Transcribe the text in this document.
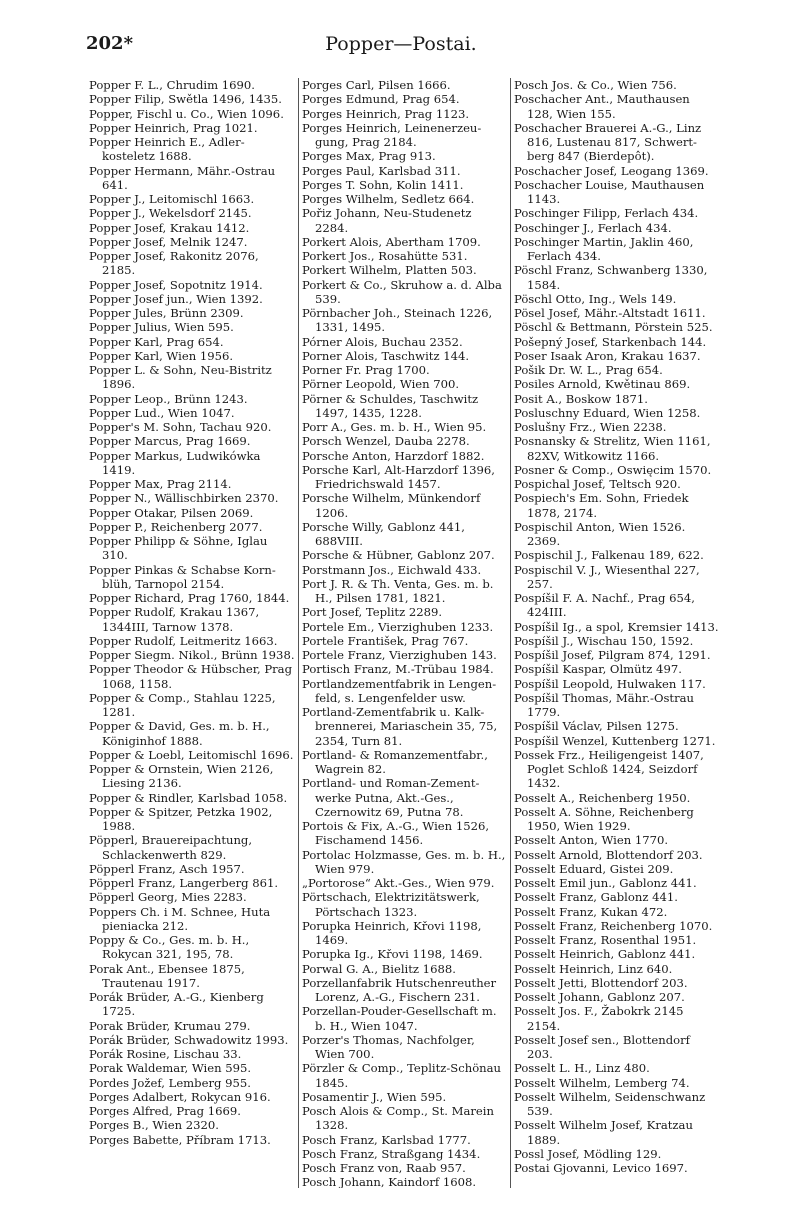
202*	Popper—Postai.
Popper F. L., Chrudim 1690.
Popper Filip, Swětla 1496, 1435.
Popper, Fischl u. Co., Wien 1096.
Popper Heinrich, Prag 1021.
Popper Heinrich E., Adler-kosteletz 1688.
Popper Hermann, Mähr.-Ostrau 641.
Popper J., Leitomischl 1663.
Popper J., Wekelsdorf 2145.
Popper Josef, Krakau 1412.
Popper Josef, Melnik 1247.
Popper Josef, Rakonitz 2076, 2185.
Popper Josef, Sopotnitz 1914.
Popper Josef jun., Wien 1392.
Popper Jules, Brünn 2309.
Popper Julius, Wien 595.
Popper Karl, Prag 654.
Popper Karl, Wien 1956.
Popper L. & Sohn, Neu-Bistritz 1896.
Popper Leop., Brünn 1243.
Popper Lud., Wien 1047.
Popper's M. Sohn, Tachau 920.
Popper Marcus, Prag 1669.
Popper Markus, Ludwikówka 1419.
Popper Max, Prag 2114.
Popper N., Wällischbirken 2370.
Popper Otakar, Pilsen 2069.
Popper P., Reichenberg 2077.
Popper Philipp & Söhne, Iglau 310.
Popper Pinkas & Schabse Korn-blüh, Tarnopol 2154.
Popper Richard, Prag 1760, 1844.
Popper Rudolf, Krakau 1367, 1344III, Tarnow 1378.
Popper Rudolf, Leitmeritz 1663.
Popper Siegm. Nikol., Brünn 1938.
Popper Theodor & Hübscher, Prag 1068, 1158.
Popper & Comp., Stahlau 1225, 1281.
Popper & David, Ges. m. b. H., Königinhof 1888.
Popper & Loebl, Leitomischl 1696.
Popper & Ornstein, Wien 2126, Liesing 2136.
Popper & Rindler, Karlsbad 1058.
Popper & Spitzer, Petzka 1902, 1988.
Pöpperl, Brauereipachtung, Schlackenwerth 829.
Pöpperl Franz, Asch 1957.
Pöpperl Franz, Langerberg 861.
Pöpperl Georg, Mies 2283.
Poppers Ch. i M. Schnee, Huta pieniacka 212.
Poppy & Co., Ges. m. b. H., Rokycan 321, 195, 78.
Porak Ant., Ebensee 1875, Trautenau 1917.
Porák Brüder, A.-G., Kienberg 1725.
Porak Brüder, Krumau 279.
Porák Brüder, Schwadowitz 1993.
Porák Rosine, Lischau 33.
Porak Waldemar, Wien 595.
Pordes Jožef, Lemberg 955.
Porges Adalbert, Rokycan 916.
Porges Alfred, Prag 1669.
Porges B., Wien 2320.
Porges Babette, Příbram 1713.
Porges Carl, Pilsen 1666.
Porges Edmund, Prag 654.
Porges Heinrich, Prag 1123.
Porges Heinrich, Leinenerzeu-gung, Prag 2184.
Porges Max, Prag 913.
Porges Paul, Karlsbad 311.
Porges T. Sohn, Kolin 1411.
Porges Wilhelm, Sedletz 664.
Pořiz Johann, Neu-Studenetz 2284.
Porkert Alois, Abertham 1709.
Porkert Jos., Rosahütte 531.
Porkert Wilhelm, Platten 503.
Porkert & Co., Skruhow a. d. Alba 539.
Pörnbacher Joh., Steinach 1226, 1331, 1495.
Pórner Alois, Buchau 2352.
Porner Alois, Taschwitz 144.
Porner Fr. Prag 1700.
Pörner Leopold, Wien 700.
Pörner & Schuldes, Taschwitz 1497, 1435, 1228.
Porr A., Ges. m. b. H., Wien 95.
Porsch Wenzel, Dauba 2278.
Porsche Anton, Harzdorf 1882.
Porsche Karl, Alt-Harzdorf 1396, Friedrichswald 1457.
Porsche Wilhelm, Münkendorf 1206.
Porsche Willy, Gablonz 441, 688VIII.
Porsche & Hübner, Gablonz 207.
Porstmann Jos., Eichwald 433.
Port J. R. & Th. Venta, Ges. m. b. H., Pilsen 1781, 1821.
Port Josef, Teplitz 2289.
Portele Em., Vierzighuben 1233.
Portele František, Prag 767.
Portele Franz, Vierzighuben 143.
Portisch Franz, M.-Trübau 1984.
Portlandzementfabrik in Lengen-feld, s. Lengenfelder usw.
Portland-Zementfabrik u. Kalk-brennerei, Mariaschein 35, 75, 2354, Turn 81.
Portland- & Romanzementfabr., Wagrein 82.
Portland- und Roman-Zement-werke Putna, Akt.-Ges., Czernowitz 69, Putna 78.
Portois & Fix, A.-G., Wien 1526, Fischamend 1456.
Portolac Holzmasse, Ges. m. b. H., Wien 979.
„Portorose“ Akt.-Ges., Wien 979.
Pörtschach, Elektrizitätswerk, Pörtschach 1323.
Porupka Heinrich, Křovi 1198, 1469.
Porupka Ig., Křovi 1198, 1469.
Porwal G. A., Bielitz 1688.
Porzellanfabrik Hutschenreuther Lorenz, A.-G., Fischern 231.
Porzellan-Pouder-Gesellschaft m. b. H., Wien 1047.
Porzer's Thomas, Nachfolger, Wien 700.
Pörzler & Comp., Teplitz-Schönau 1845.
Posamentir J., Wien 595.
Posch Alois & Comp., St. Marein 1328.
Posch Franz, Karlsbad 1777.
Posch Franz, Straßgang 1434.
Posch Franz von, Raab 957.
Posch Johann, Kaindorf 1608.
Posch Jos. & Co., Wien 756.
Poschacher Ant., Mauthausen 128, Wien 155.
Poschacher Brauerei A.-G., Linz 816, Lustenau 817, Schwert-berg 847 (Bierdepôt).
Poschacher Josef, Leogang 1369.
Poschacher Louise, Mauthausen 1143.
Poschinger Filipp, Ferlach 434.
Poschinger J., Ferlach 434.
Poschinger Martin, Jaklin 460, Ferlach 434.
Pöschl Franz, Schwanberg 1330, 1584.
Pöschl Otto, Ing., Wels 149.
Pösel Josef, Mähr.-Altstadt 1611.
Pöschl & Bettmann, Pörstein 525.
Pošepný Josef, Starkenbach 144.
Poser Isaak Aron, Krakau 1637.
Pošik Dr. W. L., Prag 654.
Posiles Arnold, Kwětinau 869.
Posit A., Boskow 1871.
Posluschny Eduard, Wien 1258.
Poslušny Frz., Wien 2238.
Posnansky & Strelitz, Wien 1161, 82XV, Witkowitz 1166.
Posner & Comp., Oswięcim 1570.
Pospichal Josef, Teltsch 920.
Pospiech's Em. Sohn, Friedek 1878, 2174.
Pospischil Anton, Wien 1526. 2369.
Pospischil J., Falkenau 189, 622.
Pospischil V. J., Wiesenthal 227, 257.
Pospíšil F. A. Nachf., Prag 654, 424III.
Pospíšil Ig., a spol, Kremsier 1413.
Pospíšil J., Wischau 150, 1592.
Pospíšil Josef, Pilgram 874, 1291.
Pospíšil Kaspar, Olmütz 497.
Pospíšil Leopold, Hulwaken 117.
Pospíšil Thomas, Mähr.-Ostrau 1779.
Pospíšil Václav, Pilsen 1275.
Pospíšil Wenzel, Kuttenberg 1271.
Possek Frz., Heiligengeist 1407, Poglet Schloß 1424, Seizdorf 1432.
Posselt A., Reichenberg 1950.
Posselt A. Söhne, Reichenberg 1950, Wien 1929.
Posselt Anton, Wien 1770.
Posselt Arnold, Blottendorf 203.
Posselt Eduard, Gistei 209.
Posselt Emil jun., Gablonz 441.
Posselt Franz, Gablonz 441.
Posselt Franz, Kukan 472.
Posselt Franz, Reichenberg 1070.
Posselt Franz, Rosenthal 1951.
Posselt Heinrich, Gablonz 441.
Posselt Heinrich, Linz 640.
Posselt Jetti, Blottendorf 203.
Posselt Johann, Gablonz 207.
Posselt Jos. F., Žabokrk 2145 2154.
Posselt Josef sen., Blottendorf 203.
Posselt L. H., Linz 480.
Posselt Wilhelm, Lemberg 74.
Posselt Wilhelm, Seidenschwanz 539.
Posselt Wilhelm Josef, Kratzau 1889.
Possl Josef, Mödling 129.
Postai Gjovanni, Levico 1697.
